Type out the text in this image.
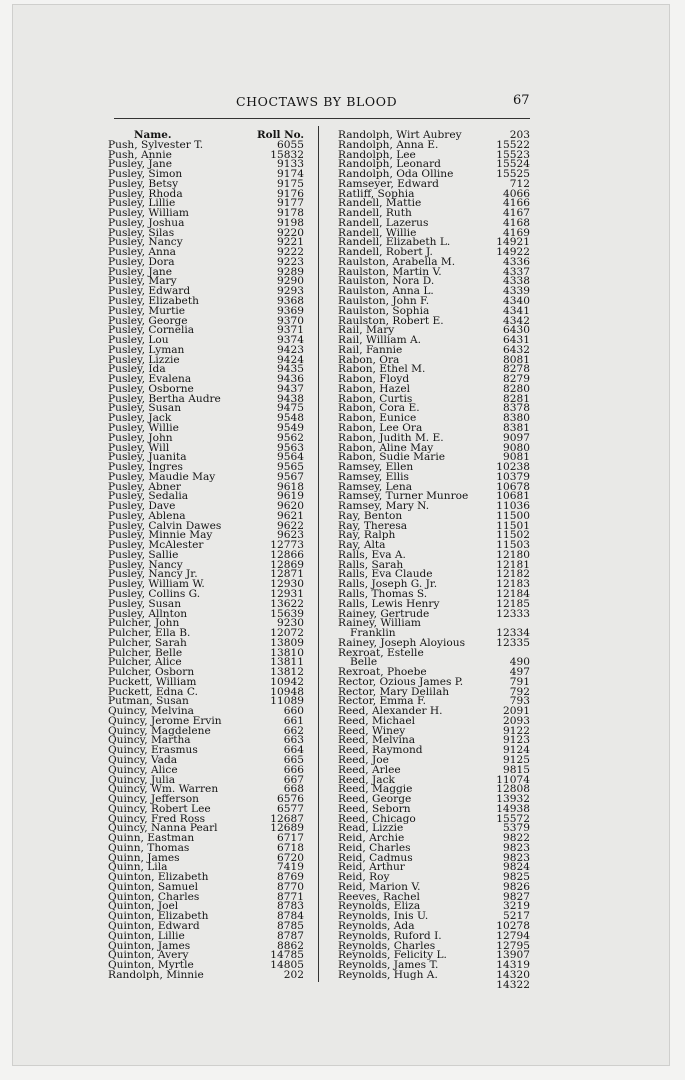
CHOCTAWS BY BLOOD	67
Name.	Roll No.
Push, Sylvester T.	6055
Push, Annie	15832
Pusley, Jane	9133
Pusley, Simon	9174
Pusley, Betsy	9175
Pusley, Rhoda	9176
Pusley, Lillie	9177
Pusley, William	9178
Pusley, Joshua	9198
Pusley, Silas	9220
Pusley, Nancy	9221
Pusley, Anna	9222
Pusley, Dora	9223
Pusley, Jane	9289
Pusley, Mary	9290
Pusley, Edward	9293
Pusley, Elizabeth	9368
Pusley, Murtie	9369
Pusley, George	9370
Pusley, Cornelia	9371
Pusley, Lou	9374
Pusley, Lyman	9423
Pusley, Lizzie	9424
Pusley, Ida	9435
Pusley, Evalena	9436
Pusley, Osborne	9437
Pusley, Bertha Audre	9438
Pusley, Susan	9475
Pusley, Jack	9548
Pusley, Willie	9549
Pusley, John	9562
Pusley, Will	9563
Pusley, Juanita	9564
Pusley, Ingres	9565
Pusley, Maudie May	9567
Pusley, Abner	9618
Pusley, Sedalia	9619
Pusley, Dave	9620
Pusley, Ablena	9621
Pusley, Calvin Dawes	9622
Pusley, Minnie May	9623
Pusley, McAlester	12773
Pusley, Sallie	12866
Pusley, Nancy	12869
Pusley, Nancy Jr.	12871
Pusley, William W.	12930
Pusley, Collins G.	12931
Pusley, Susan	13622
Pusley, Allnton	15639
Pulcher, John	9230
Pulcher, Ella B.	12072
Pulcher, Sarah	13809
Pulcher, Belle	13810
Pulcher, Alice	13811
Pulcher, Osborn	13812
Puckett, William	10942
Puckett, Edna C.	10948
Putman, Susan	11089
Quincy, Melvina	660
Quincy, Jerome Ervin	661
Quincy, Magdelene	662
Quincy, Martha	663
Quincy, Erasmus	664
Quincy, Vada	665
Quincy, Alice	666
Quincy, Julia	667
Quincy, Wm. Warren	668
Quincy, Jefferson	6576
Quincy, Robert Lee	6577
Quincy, Fred Ross	12687
Quincy, Nanna Pearl	12689
Quinn, Eastman	6717
Quinn, Thomas	6718
Quinn, James	6720
Quinn, Lila	7419
Quinton, Elizabeth	8769
Quinton, Samuel	8770
Quinton, Charles	8771
Quinton, Joel	8783
Quinton, Elizabeth	8784
Quinton, Edward	8785
Quinton, Lillie	8787
Quinton, James	8862
Quinton, Avery	14785
Quinton, Myrtle	14805
Randolph, Minnie	202
Randolph, Wirt Aubrey	203
Randolph, Anna E.	15522
Randolph, Lee	15523
Randolph, Leonard	15524
Randolph, Oda Olline	15525
Ramseyer, Edward	712
Ratliff, Sophia	4066
Randell, Mattie	4166
Randell, Ruth	4167
Randell, Lazerus	4168
Randell, Willie	4169
Randell, Elizabeth L.	14921
Randell, Robert J.	14922
Raulston, Arabella M.	4336
Raulston, Martin V.	4337
Raulston, Nora D.	4338
Raulston, Anna L.	4339
Raulston, John F.	4340
Raulston, Sophia	4341
Raulston, Robert E.	4342
Rail, Mary	6430
Rail, William A.	6431
Rail, Fannie	6432
Rabon, Ora	8081
Rabon, Ethel M.	8278
Rabon, Floyd	8279
Rabon, Hazel	8280
Rabon, Curtis	8281
Rabon, Cora E.	8378
Rabon, Eunice	8380
Rabon, Lee Ora	8381
Rabon, Judith M. E.	9097
Rabon, Aline May	9080
Rabon, Sudie Marie	9081
Ramsey, Ellen	10238
Ramsey, Ellis	10379
Ramsey, Lena	10678
Ramsey, Turner Munroe	10681
Ramsey, Mary N.	11036
Ray, Benton	11500
Ray, Theresa	11501
Ray, Ralph	11502
Ray, Alta	11503
Ralls, Eva A.	12180
Ralls, Sarah	12181
Ralls, Eva Claude	12182
Ralls, Joseph G. Jr.	12183
Ralls, Thomas S.	12184
Ralls, Lewis Henry	12185
Rainey, Gertrude	12333
Rainey, William
Franklin	12334
Rainey, Joseph Aloyious	12335
Rexroat, Estelle
Belle	490
Rexroat, Phoebe	497
Rector, Ozious James P.	791
Rector, Mary Delilah	792
Rector, Emma F.	793
Reed, Alexander H.	2091
Reed, Michael	2093
Reed, Winey	9122
Reed, Melvina	9123
Reed, Raymond	9124
Reed, Joe	9125
Reed, Arlee	9815
Reed, Jack	11074
Reed, Maggie	12808
Reed, George	13932
Reed, Seborn	14938
Reed, Chicago	15572
Read, Lizzie	5379
Reid, Archie	9822
Reid, Charles	9823
Reid, Cadmus	9823
Reid, Arthur	9824
Reid, Roy	9825
Reid, Marion V.	9826
Reeves, Rachel	9827
Reynolds, Eliza	3219
Reynolds, Inis U.	5217
Reynolds, Ada	10278
Reynolds, Ruford I.	12794
Reynolds, Charles	12795
Reynolds, Felicity L.	13907
Reynolds, James T.	14319
Reynolds, Hugh A.	14320
14322
